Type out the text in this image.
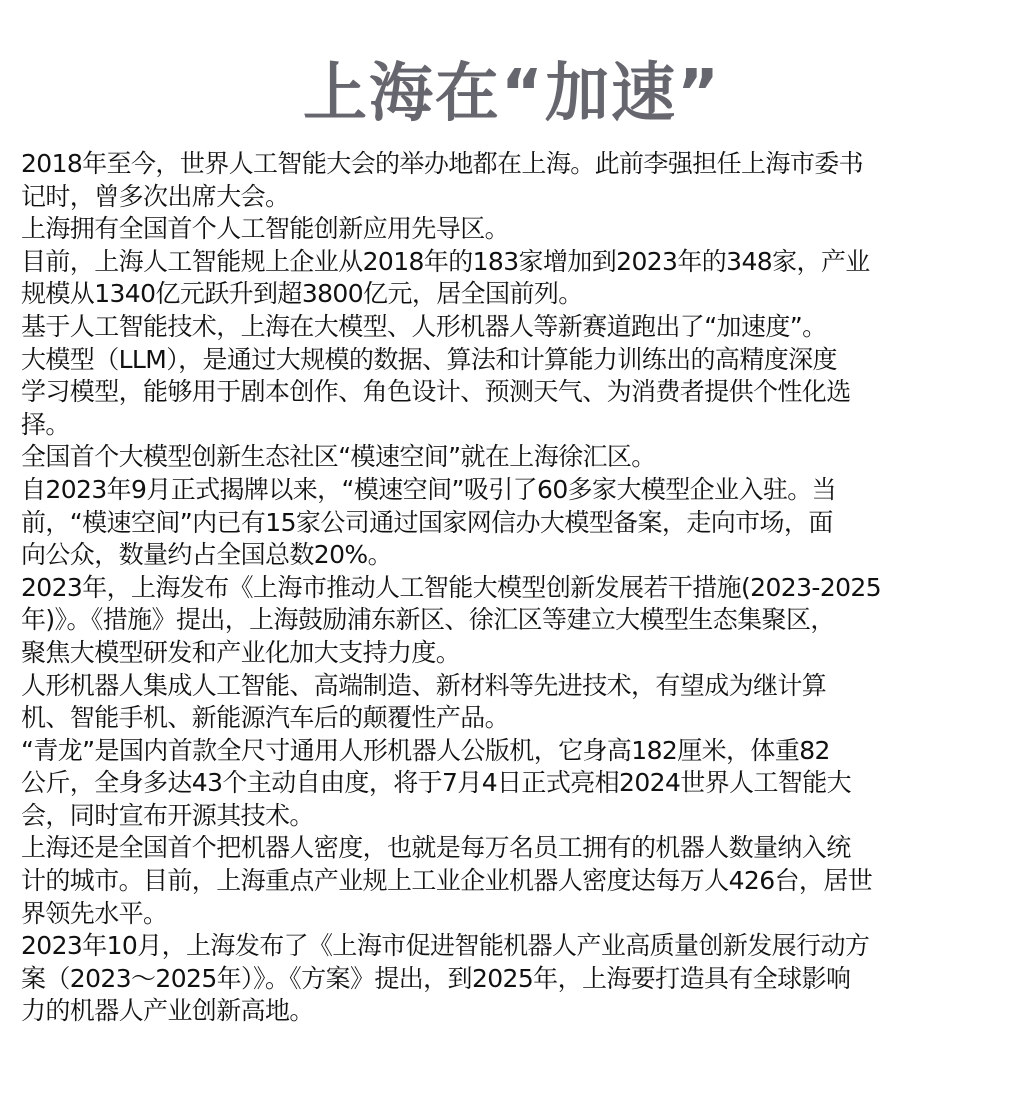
上海在“加速”

2018年至今，世界人工智能大会的举办地都在上海。此前李强担任上海市委书

记时，曾多次出席大会。

上海拥有全国首个人工智能创新应用先导区。

目前，上海人工智能规上企业从2018年的183家增加到2023年的348家，产业

规模从1340亿元跃升到超3800亿元，居全国前列。

基于人工智能技术，上海在大模型、人形机器人等新赛道跑出了“加速度”。

大模型（LLM），是通过大规模的数据、算法和计算能力训练出的高精度深度

学习模型，能够用于剧本创作、角色设计、预测天气、为消费者提供个性化选

择。

全国首个大模型创新生态社区“模速空间”就在上海徐汇区。

自2023年9月正式揭牌以来，“模速空间”吸引了60多家大模型企业入驻。当

前，“模速空间”内已有15家公司通过国家网信办大模型备案，走向市场，面

向公众，数量约占全国总数20%。

2023年，上海发布《上海市推动人工智能大模型创新发展若干措施(2023-2025

年)》。《措施》提出，上海鼓励浦东新区、徐汇区等建立大模型生态集聚区，

聚焦大模型研发和产业化加大支持力度。

人形机器人集成人工智能、高端制造、新材料等先进技术，有望成为继计算

机、智能手机、新能源汽车后的颠覆性产品。

“青龙”是国内首款全尺寸通用人形机器人公版机，它身高182厘米，体重82

公斤，全身多达43个主动自由度，将于7月4日正式亮相2024世界人工智能大

会，同时宣布开源其技术。

上海还是全国首个把机器人密度，也就是每万名员工拥有的机器人数量纳入统

计的城市。目前，上海重点产业规上工业企业机器人密度达每万人426台，居世

界领先水平。

2023年10月，上海发布了《上海市促进智能机器人产业高质量创新发展行动方

案（2023～2025年）》。《方案》提出，到2025年，上海要打造具有全球影响

力的机器人产业创新高地。
